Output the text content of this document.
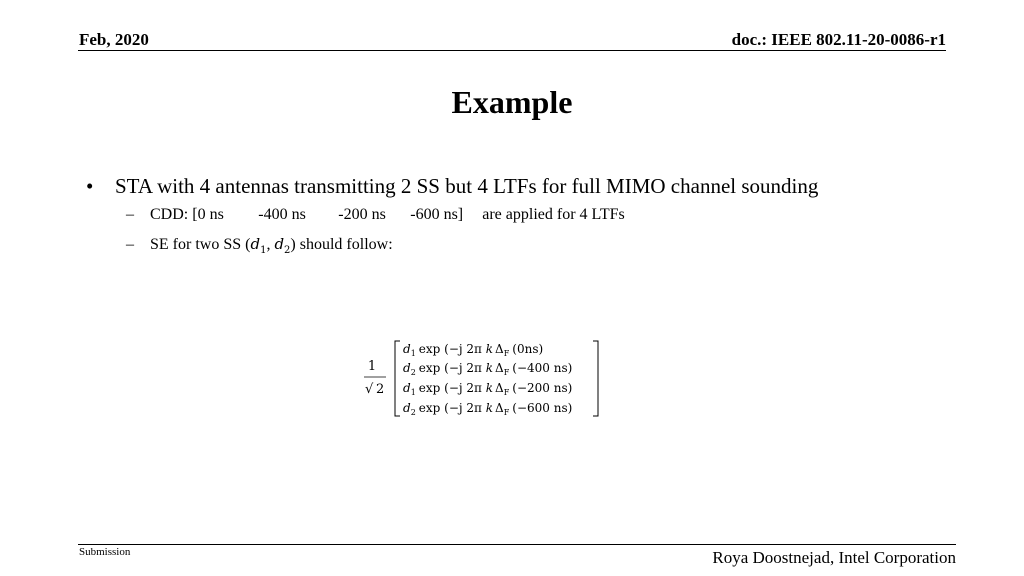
Feb, 2020	doc.: IEEE 802.11-20-0086-r1
Example
• STA with 4 antennas transmitting 2 SS but 4 LTFs for full MIMO channel sounding
– CDD: [0 ns -400 ns -200 ns -600 ns] are applied for 4 LTFs
– SE for two SS ($d_1$, $d_2$) should follow:
1
√ 2
$d_1$ exp (−j 2π k $\Delta_F$ (0ns)
$d_2$ exp (−j 2π k $\Delta_F$ (−400 ns)
$d_1$ exp (−j 2π k $\Delta_F$ (−200 ns)
$d_2$ exp (−j 2π k $\Delta_F$ (−600 ns)
Submission	Roya Doostnejad, Intel Corporation
